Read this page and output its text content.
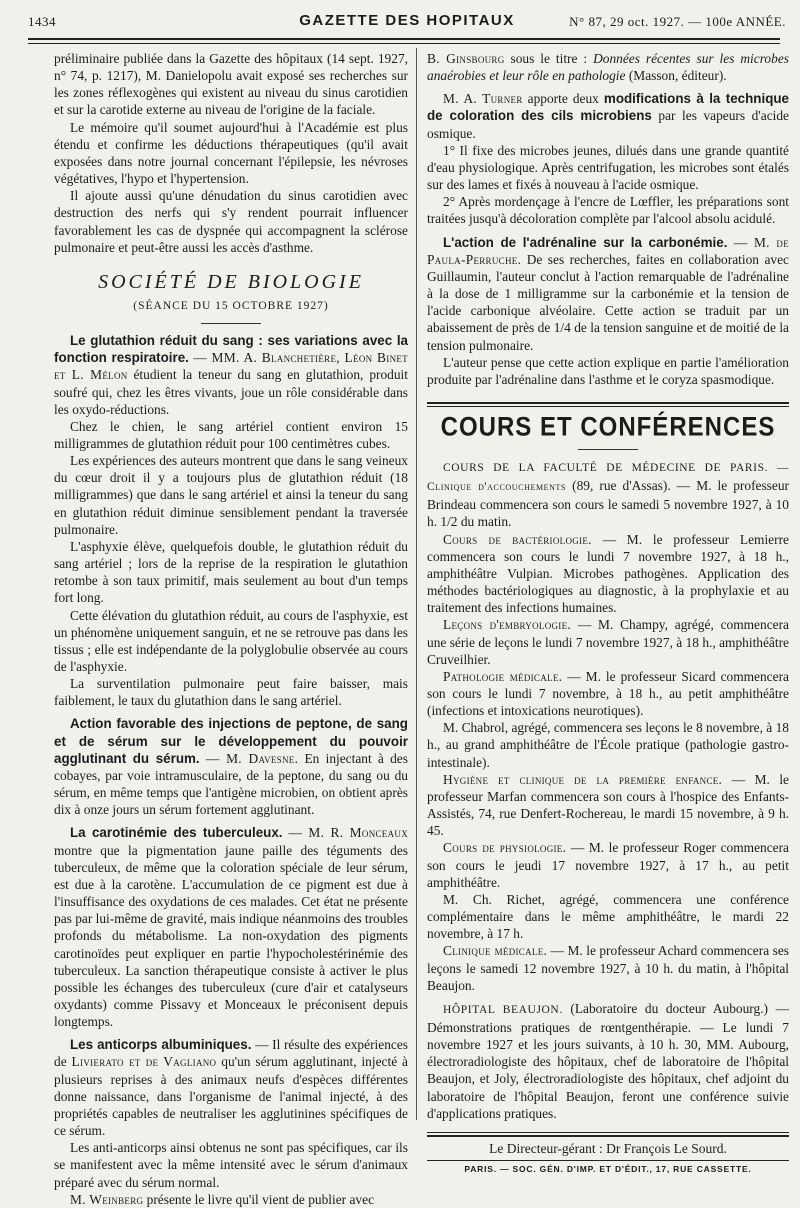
1434	GAZETTE DES HOPITAUX	N° 87, 29 oct. 1927. — 100e ANNÉE.

préliminaire publiée dans la Gazette des hôpitaux (14 sept. 1927, n° 74, p. 1217), M. Danielopolu avait exposé ses recherches sur les zones réflexogènes qui existent au niveau du sinus carotidien et sur la carotide externe au niveau de l'origine de la faciale.

Le mémoire qu'il soumet aujourd'hui à l'Académie est plus étendu et confirme les déductions thérapeutiques (qu'il avait exposées dans notre journal concernant l'épilepsie, les névroses végétatives, l'hypo et l'hypertension.

Il ajoute aussi qu'une dénudation du sinus carotidien avec destruction des nerfs qui s'y rendent pourrait influencer favorablement les cas de dyspnée qui accompagnent la sclérose pulmonaire et peut-être aussi les accès d'asthme.

SOCIÉTÉ DE BIOLOGIE
(SÉANCE DU 15 OCTOBRE 1927)

Le glutathion réduit du sang : ses variations avec la fonction respiratoire. — MM. A. Blanchetière, Léon Binet et L. Mélon étudient la teneur du sang en glutathion, produit soufré qui, chez les êtres vivants, joue un rôle considérable dans les oxydo-réductions.

Chez le chien, le sang artériel contient environ 15 milligrammes de glutathion réduit pour 100 centimètres cubes.

Les expériences des auteurs montrent que dans le sang veineux du cœur droit il y a toujours plus de glutathion réduit (18 milligrammes) que dans le sang artériel et ainsi la teneur du sang en glutathion réduit diminue sensiblement pendant la traversée pulmonaire.

L'asphyxie élève, quelquefois double, le glutathion réduit du sang artériel ; lors de la reprise de la respiration le glutathion retombe à son taux primitif, mais seulement au bout d'un temps fort long.

Cette élévation du glutathion réduit, au cours de l'asphyxie, est un phénomène uniquement sanguin, et ne se retrouve pas dans les tissus ; elle est indépendante de la polyglobulie observée au cours de l'asphyxie.

La surventilation pulmonaire peut faire baisser, mais faiblement, le taux du glutathion dans le sang artériel.

Action favorable des injections de peptone, de sang et de sérum sur le développement du pouvoir agglutinant du sérum. — M. Davesne. En injectant à des cobayes, par voie intramusculaire, de la peptone, du sang ou du sérum, en même temps que l'antigène microbien, on obtient après dix à onze jours un sérum fortement agglutinant.

La carotinémie des tuberculeux. — M. R. Monceaux montre que la pigmentation jaune paille des téguments des tuberculeux, de même que la coloration spéciale de leur sérum, est due à la carotène. L'accumulation de ce pigment est due à l'insuffisance des oxydations de ces malades. Cet état ne présente pas par lui-même de gravité, mais indique néanmoins des troubles profonds du métabolisme. La non-oxydation des pigments carotinoïdes peut expliquer en partie l'hypocholestérinémie des tuberculeux. La sanction thérapeutique consiste à activer le plus possible les échanges des tuberculeux (cure d'air et catalyseurs oxydants) comme Pissavy et Monceaux le préconisent depuis longtemps.

Les anticorps albuminiques. — Il résulte des expériences de Livierato et de Vagliano qu'un sérum agglutinant, injecté à plusieurs reprises à des animaux neufs d'espèces différentes donne naissance, dans l'organisme de l'animal injecté, à des propriétés capables de neutraliser les agglutinines spécifiques de ce sérum.

Les anti-anticorps ainsi obtenus ne sont pas spécifiques, car ils se manifestent avec la même intensité avec le sérum d'animaux préparé avec du sérum normal.

M. Weinberg présente le livre qu'il vient de publier avec

B. Ginsbourg sous le titre : Données récentes sur les microbes anaérobies et leur rôle en pathologie (Masson, éditeur).

M. A. Turner apporte deux modifications à la technique de coloration des cils microbiens par les vapeurs d'acide osmique.

1° Il fixe des microbes jeunes, dilués dans une grande quantité d'eau physiologique. Après centrifugation, les microbes sont étalés sur des lames et fixés à nouveau à l'acide osmique.

2° Après mordençage à l'encre de Lœffler, les préparations sont traitées jusqu'à décoloration complète par l'alcool absolu acidulé.

L'action de l'adrénaline sur la carbonémie. — M. de Paula-Perruche. De ses recherches, faites en collaboration avec Guillaumin, l'auteur conclut à l'action remarquable de l'adrénaline à la dose de 1 milligramme sur la carbonémie et la tension de l'acide carbonique alvéolaire. Cette action se traduit par un abaissement de près de 1/4 de la tension sanguine et de moitié de la tension pulmonaire.

L'auteur pense que cette action explique en partie l'amélioration produite par l'adrénaline dans l'asthme et le coryza spasmodique.

COURS ET CONFÉRENCES

COURS DE LA FACULTÉ DE MÉDECINE DE PARIS. — Clinique d'accouchements (89, rue d'Assas). — M. le professeur Brindeau commencera son cours le samedi 5 novembre 1927, à 10 h. 1/2 du matin.

Cours de bactériologie. — M. le professeur Lemierre commencera son cours le lundi 7 novembre 1927, à 18 h., amphithéâtre Vulpian. Microbes pathogènes. Application des méthodes bactériologiques au diagnostic, à la prophylaxie et au traitement des infections humaines.

Leçons d'embryologie. — M. Champy, agrégé, commencera une série de leçons le lundi 7 novembre 1927, à 18 h., amphithéâtre Cruveilhier.

Pathologie médicale. — M. le professeur Sicard commencera son cours le lundi 7 novembre, à 18 h., au petit amphithéâtre (infections et intoxications neurotiques).

M. Chabrol, agrégé, commencera ses leçons le 8 novembre, à 18 h., au grand amphithéâtre de l'École pratique (pathologie gastro-intestinale).

Hygiène et clinique de la première enfance. — M. le professeur Marfan commencera son cours à l'hospice des Enfants-Assistés, 74, rue Denfert-Rochereau, le mardi 15 novembre, à 9 h. 45.

Cours de physiologie. — M. le professeur Roger commencera son cours le jeudi 17 novembre 1927, à 17 h., au petit amphithéâtre.

M. Ch. Richet, agrégé, commencera une conférence complémentaire dans le même amphithéâtre, le mardi 22 novembre, à 17 h.

Clinique médicale. — M. le professeur Achard commencera ses leçons le samedi 12 novembre 1927, à 10 h. du matin, à l'hôpital Beaujon.

HÔPITAL BEAUJON. (Laboratoire du docteur Aubourg.) — Démonstrations pratiques de rœntgenthérapie. — Le lundi 7 novembre 1927 et les jours suivants, à 10 h. 30, MM. Aubourg, électroradiologiste des hôpitaux, chef de laboratoire de l'hôpital Beaujon, et Joly, électroradiologiste des hôpitaux, chef adjoint du laboratoire de l'hôpital Beaujon, feront une conférence suivie d'applications pratiques.

Le Directeur-gérant : Dr François Le Sourd.
PARIS. — SOC. GÉN. D'IMP. ET D'ÉDIT., 17, RUE CASSETTE.
